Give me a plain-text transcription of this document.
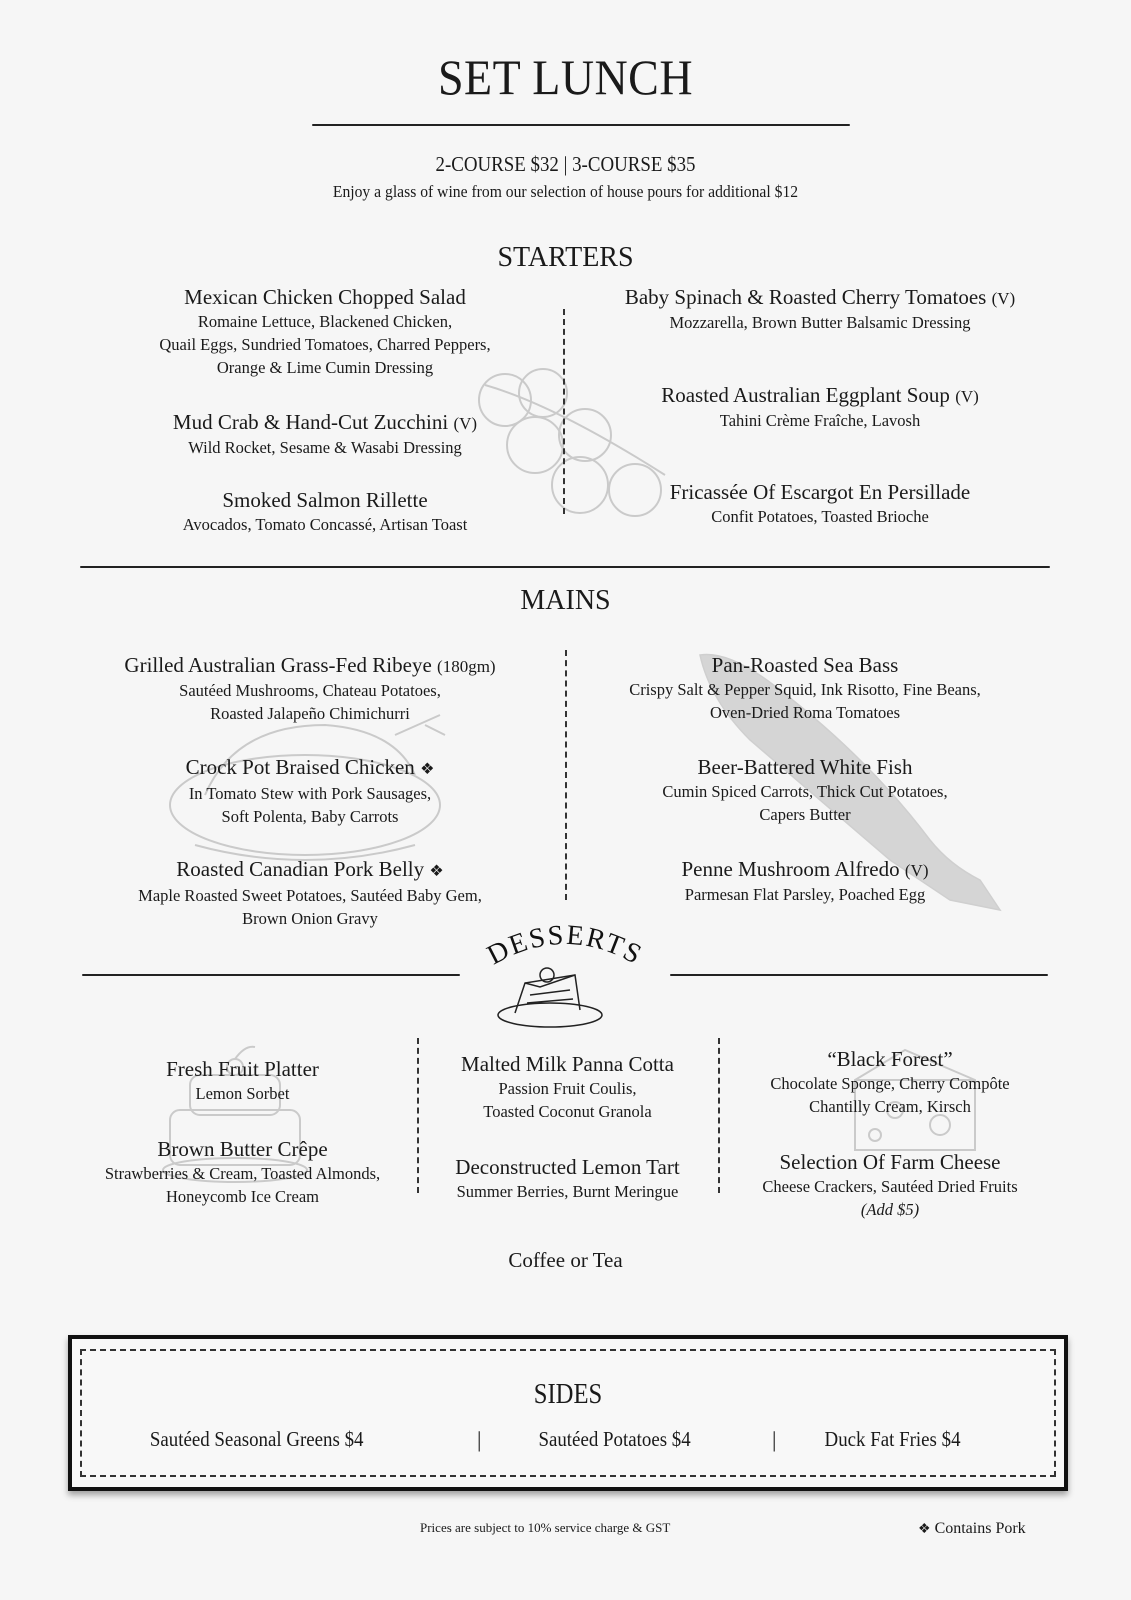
SET LUNCH
2-COURSE $32 | 3-COURSE $35
Enjoy a glass of wine from our selection of house pours for additional $12
STARTERS
Mexican Chicken Chopped Salad
Romaine Lettuce, Blackened Chicken,
Quail Eggs, Sundried Tomatoes, Charred Peppers,
Orange & Lime Cumin Dressing
Mud Crab & Hand-Cut Zucchini (V)
Wild Rocket, Sesame & Wasabi Dressing
Smoked Salmon Rillette
Avocados, Tomato Concassé, Artisan Toast
Baby Spinach & Roasted Cherry Tomatoes (V)
Mozzarella, Brown Butter Balsamic Dressing
Roasted Australian Eggplant Soup (V)
Tahini Crème Fraîche, Lavosh
Fricassée Of Escargot En Persillade
Confit Potatoes, Toasted Brioche
MAINS
Grilled Australian Grass-Fed Ribeye (180gm)
Sautéed Mushrooms, Chateau Potatoes,
Roasted Jalapeño Chimichurri
Crock Pot Braised Chicken ❖
In Tomato Stew with Pork Sausages,
Soft Polenta, Baby Carrots
Roasted Canadian Pork Belly ❖
Maple Roasted Sweet Potatoes, Sautéed Baby Gem,
Brown Onion Gravy
Pan-Roasted Sea Bass
Crispy Salt & Pepper Squid, Ink Risotto, Fine Beans,
Oven-Dried Roma Tomatoes
Beer-Battered White Fish
Cumin Spiced Carrots, Thick Cut Potatoes,
Capers Butter
Penne Mushroom Alfredo (V)
Parmesan Flat Parsley, Poached Egg
DESSERTS
Fresh Fruit Platter
Lemon Sorbet
Brown Butter Crêpe
Strawberries & Cream, Toasted Almonds,
Honeycomb Ice Cream
Malted Milk Panna Cotta
Passion Fruit Coulis,
Toasted Coconut Granola
Deconstructed Lemon Tart
Summer Berries, Burnt Meringue
“Black Forest”
Chocolate Sponge, Cherry Compôte
Chantilly Cream, Kirsch
Selection Of Farm Cheese
Cheese Crackers, Sautéed Dried Fruits
(Add $5)
Coffee or Tea
SIDES
Sautéed Seasonal Greens $4	|	Sautéed Potatoes $4	| Duck Fat Fries $4
Prices are subject to 10% service charge & GST	❖ Contains Pork
